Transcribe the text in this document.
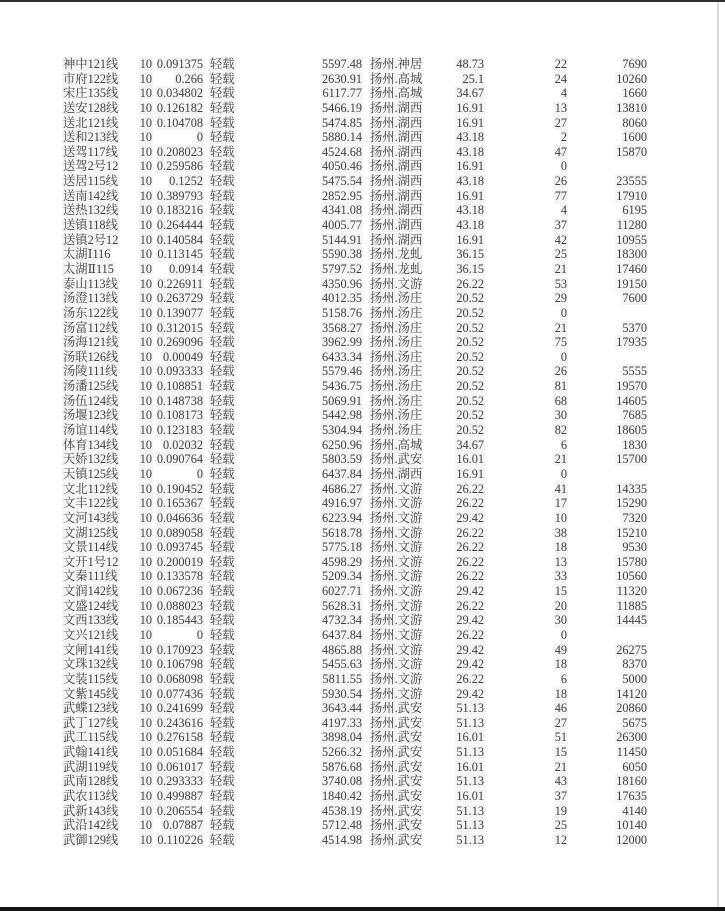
神中121线	10 0.091375 轻载	5597.48 扬州.神居	48.73	22	7690
市府122线	10	0.266 轻载	2630.91 扬州.高城	25.1	24	10260
宋庄135线	10 0.034802 轻载	6117.77 扬州.高城	34.67	4	1660
送安128线	10 0.126182 轻载	5466.19 扬州.湖西	16.91	13	13810
送北121线	10 0.104708 轻载	5474.85 扬州.湖西	16.91	27	8060
送和213线	10	0 轻载	5880.14 扬州.湖西	43.18	2	1600
送驾117线	10 0.208023 轻载	4524.68 扬州.湖西	43.18	47	15870
送驾2号12	10 0.259586 轻载	4050.46 扬州.湖西	16.91	0
送居115线	10	0.1252 轻载	5475.54 扬州.湖西	43.18	26	23555
送南142线	10 0.389793 轻载	2852.95 扬州.湖西	16.91	77	17910
送热132线	10 0.183216 轻载	4341.08 扬州.湖西	43.18	4	6195
送镇118线	10 0.264444 轻载	4005.77 扬州.湖西	43.18	37	11280
送镇2号12	10 0.140584 轻载	5144.91 扬州.湖西	16.91	42	10955
太湖Ⅰ116	10 0.113145 轻载	5590.38 扬州.龙虬	36.15	25	18300
太湖Ⅱ115	10	0.0914 轻载	5797.52 扬州.龙虬	36.15	21	17460
泰山113线	10 0.226911 轻载	4350.96 扬州.文游	26.22	53	19150
汤澄113线	10 0.263729 轻载	4012.35 扬州.汤庄	20.52	29	7600
汤东122线	10 0.139077 轻载	5158.76 扬州.汤庄	20.52	0
汤富112线	10 0.312015 轻载	3568.27 扬州.汤庄	20.52	21	5370
汤海121线	10 0.269096 轻载	3962.99 扬州.汤庄	20.52	75	17935
汤联126线	10 0.00049 轻载	6433.34 扬州.汤庄	20.52	0
汤陵111线	10 0.093333 轻载	5579.46 扬州.汤庄	20.52	26	5555
汤潘125线	10 0.108851 轻载	5436.75 扬州.汤庄	20.52	81	19570
汤伍124线	10 0.148738 轻载	5069.91 扬州.汤庄	20.52	68	14605
汤堰123线	10 0.108173 轻载	5442.98 扬州.汤庄	20.52	30	7685
汤谊114线	10 0.123183 轻载	5304.94 扬州.汤庄	20.52	82	18605
体育134线	10 0.02032 轻载	6250.96 扬州.高城	34.67	6	1830
天娇132线	10 0.090764 轻载	5803.59 扬州.武安	16.01	21	15700
天镇125线	10	0 轻载	6437.84 扬州.湖西	16.91	0
文北112线	10 0.190452 轻载	4686.27 扬州.文游	26.22	41	14335
文丰122线	10 0.165367 轻载	4916.97 扬州.文游	26.22	17	15290
文河143线	10 0.046636 轻载	6223.94 扬州.文游	29.42	10	7320
文湖125线	10 0.089058 轻载	5618.78 扬州.文游	26.22	38	15210
文景114线	10 0.093745 轻载	5775.18 扬州.文游	26.22	18	9530
文开1号12	10 0.200019 轻载	4598.29 扬州.文游	26.22	13	15780
文秦111线	10 0.133578 轻载	5209.34 扬州.文游	26.22	33	10560
文润142线	10 0.067236 轻载	6027.71 扬州.文游	29.42	15	11320
文盛124线	10 0.088023 轻载	5628.31 扬州.文游	26.22	20	11885
文西133线	10 0.185443 轻载	4732.34 扬州.文游	29.42	30	14445
文兴121线	10	0 轻载	6437.84 扬州.文游	26.22	0
文闸141线	10 0.170923 轻载	4865.88 扬州.文游	29.42	49	26275
文珠132线	10 0.106798 轻载	5455.63 扬州.文游	29.42	18	8370
文装115线	10 0.068098 轻载	5811.55 扬州.文游	26.22	6	5000
文紫145线	10 0.077436 轻载	5930.54 扬州.文游	29.42	18	14120
武蝶123线	10 0.241699 轻载	3643.44 扬州.武安	51.13	46	20860
武丁127线	10 0.243616 轻载	4197.33 扬州.武安	51.13	27	5675
武工115线	10 0.276158 轻载	3898.04 扬州.武安	16.01	51	26300
武翰141线	10 0.051684 轻载	5266.32 扬州.武安	51.13	15	11450
武湖119线	10 0.061017 轻载	5876.68 扬州.武安	16.01	21	6050
武南128线	10 0.293333 轻载	3740.08 扬州.武安	51.13	43	18160
武农113线	10 0.499887 轻载	1840.42 扬州.武安	16.01	37	17635
武新143线	10 0.206554 轻载	4538.19 扬州.武安	51.13	19	4140
武沿142线	10 0.07887 轻载	5712.48 扬州.武安	51.13	25	10140
武御129线	10 0.110226 轻载	4514.98 扬州.武安	51.13	12	12000
